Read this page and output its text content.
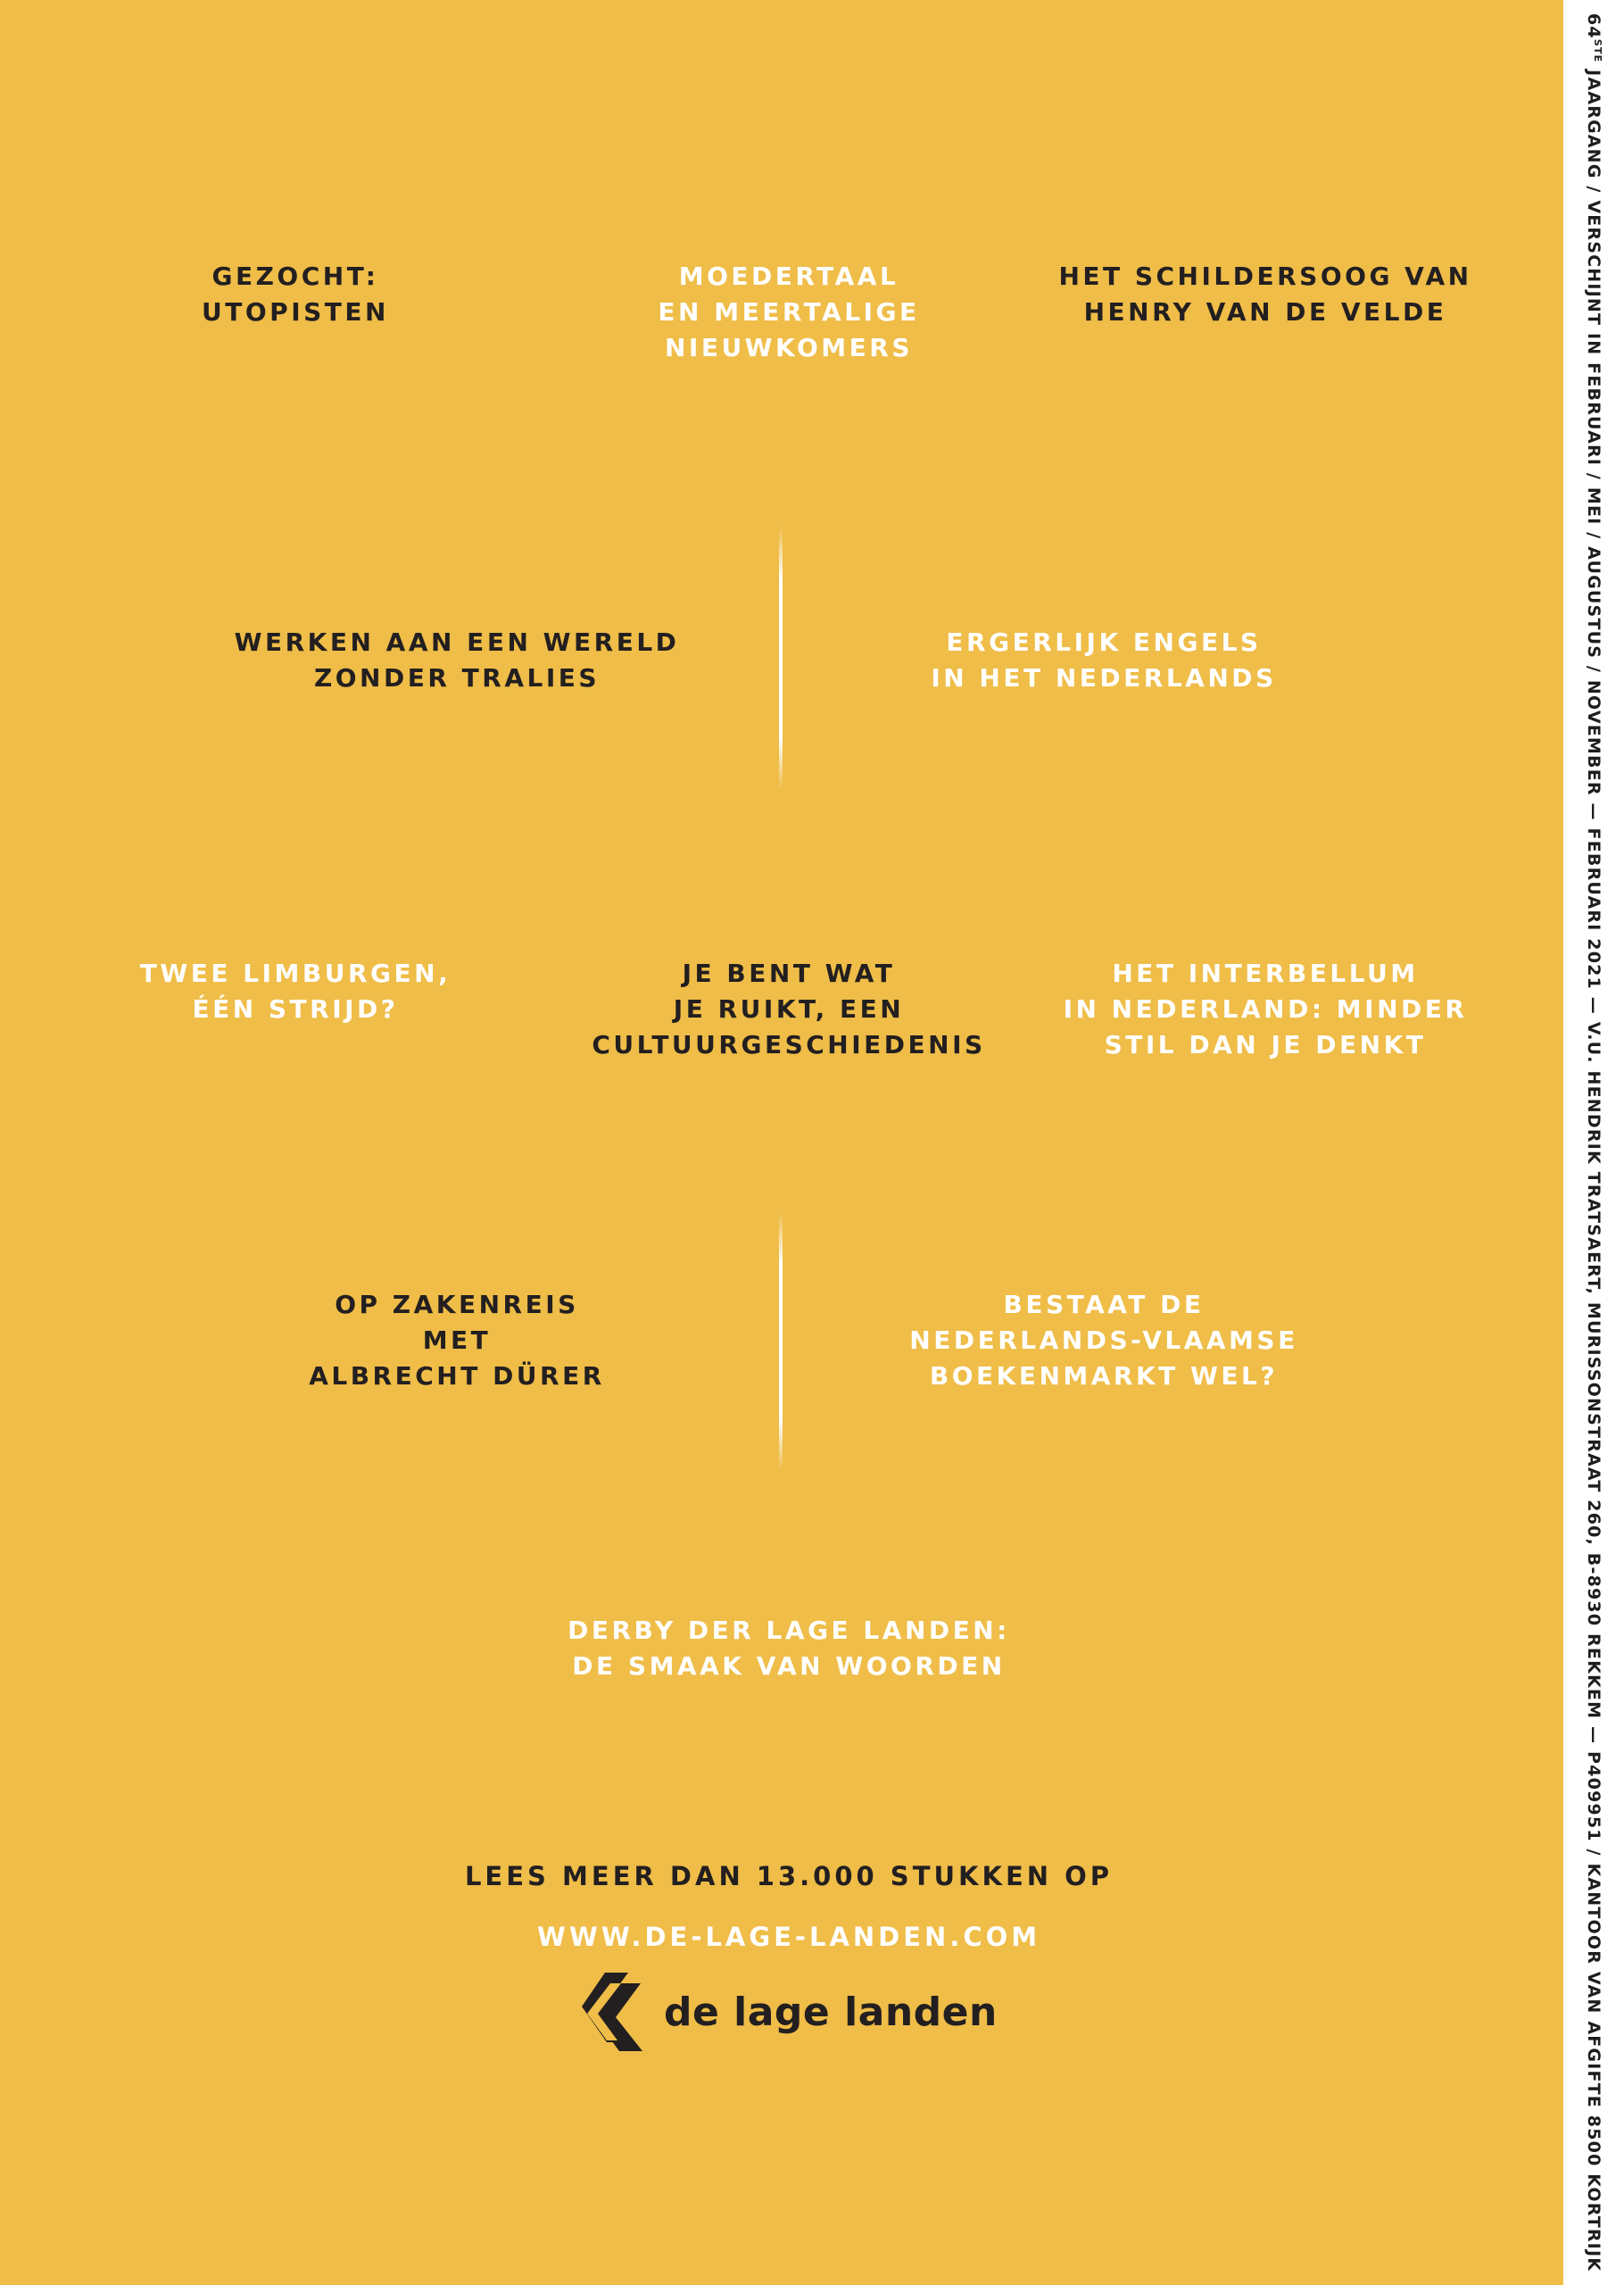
GEZOCHT:
UTOPISTEN

MOEDERTAAL
EN MEERTALIGE
NIEUWKOMERS

HET SCHILDERSOOG VAN
HENRY VAN DE VELDE

WERKEN AAN EEN WERELD
ZONDER TRALIES

ERGERLIJK ENGELS
IN HET NEDERLANDS

TWEE LIMBURGEN,
ÉÉN STRIJD?

JE BENT WAT
JE RUIKT, EEN
CULTUURGESCHIEDENIS

HET INTERBELLUM
IN NEDERLAND: MINDER
STIL DAN JE DENKT

OP ZAKENREIS
MET
ALBRECHT DÜRER

BESTAAT DE
NEDERLANDS-VLAAMSE
BOEKENMARKT WEL?

DERBY DER LAGE LANDEN:
DE SMAAK VAN WOORDEN

LEES MEER DAN 13.000 STUKKEN OP
WWW.DE-LAGE-LANDEN.COM
de lage landen
64STE JAARGANG / VERSCHIJNT IN FEBRUARI / MEI / AUGUSTUS / NOVEMBER — FEBRUARI 2021 — V.U. HENDRIK TRATSAERT, MURISSONSTRAAT 260, B-8930 REKKEM — P409951 / KANTOOR VAN AFGIFTE 8500 KORTRIJK
